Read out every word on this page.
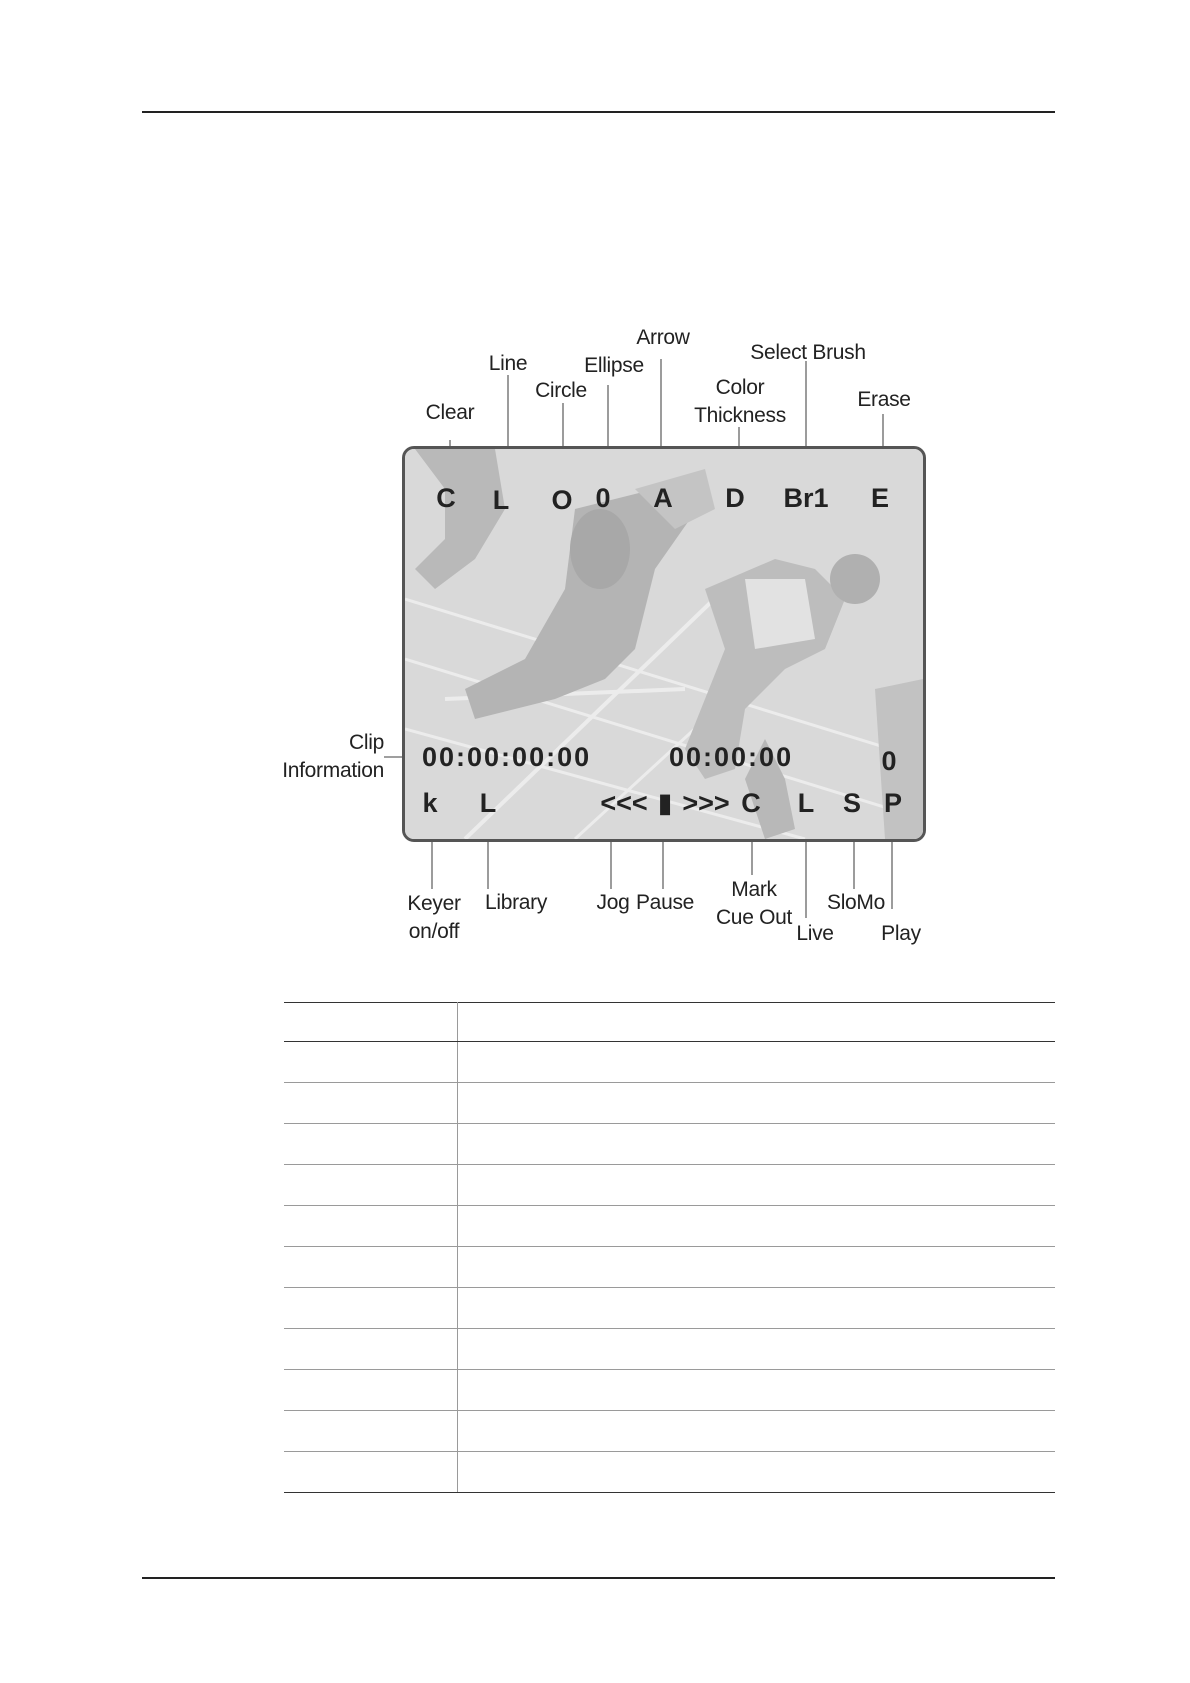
Clear
Line
Circle
Ellipse
Arrow
Color
Thickness
Select Brush
Erase
C L O 0 A D Br1 E
Clip
Information 00:00:00:00	00:00:00	0
k L	<<< ▮ >>> C L S P
Keyer
on/off
Library Jog Pause
Mark
Cue Out
Live
SloMo
Play
